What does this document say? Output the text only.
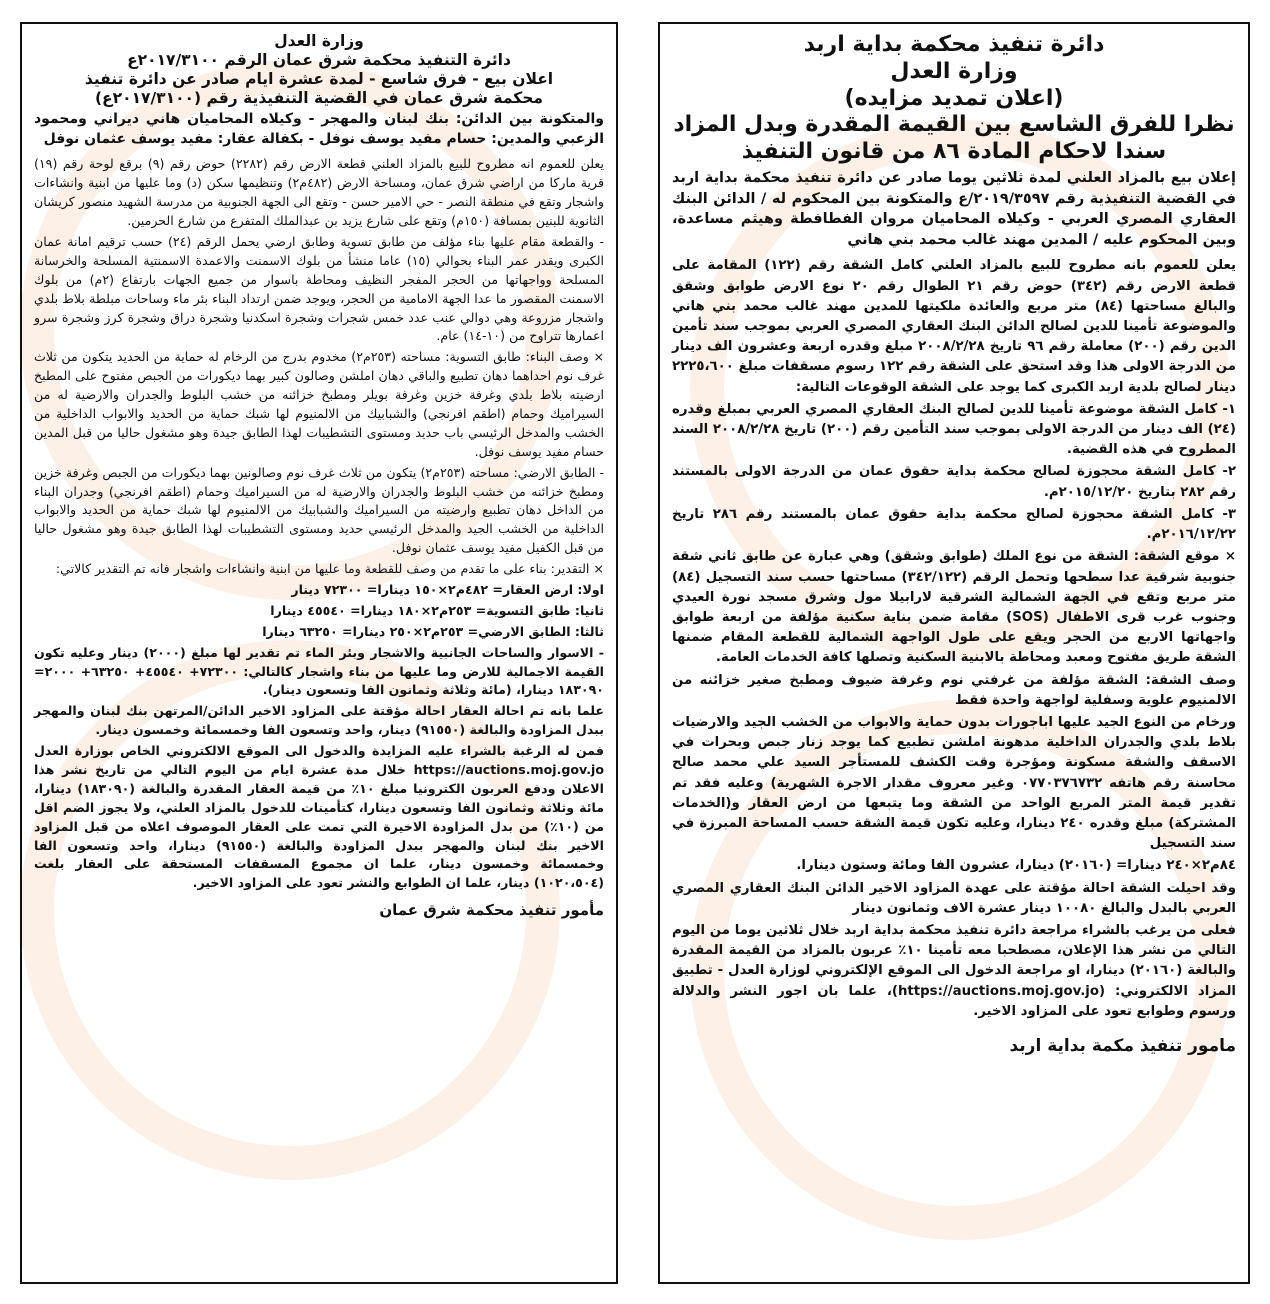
وزارة العدل
دائرة التنفيذ محكمة شرق عمان الرقم ٢٠١٧/٣١٠٠ع
اعلان بيع - فرق شاسع - لمدة عشرة ايام صادر عن دائرة تنفيذ
محكمة شرق عمان في القضية التنفيذية رقم (٢٠١٧/٣١٠٠ع)
والمتكونة بين الدائن: بنك لبنان والمهجر - وكيلاه المحاميان هاني ديراني ومحمود الزعبي والمدين: حسام مفيد يوسف نوفل - بكفالة عقار: مفيد يوسف عثمان نوفل

يعلن للعموم انه مطروح للبيع بالمزاد العلني قطعة الارض رقم (٢٢٨٢) حوض رقم (٩) برقع لوحة رقم (١٩) قرية ماركا من اراضي شرق عمان، ومساحة الارض (٤٨٢م٢) وتنظيمها سكن (د) وما عليها من ابنية وانشاءات واشجار وتقع في منطقة النصر - حي الامير حسن - وتقع الى الجهة الجنوبية من مدرسة الشهيد منصور كريشان الثانوية للبنين بمسافة (١٥٠م) وتقع على شارع يزيد بن عبدالملك المتفرع من شارع الحرمين.

- والقطعة مقام عليها بناء مؤلف من طابق تسوية وطابق ارضي يحمل الرقم (٢٤) حسب ترقيم امانة عمان الكبرى ويقدر عمر البناء بحوالي (١٥) عاما منشأ من بلوك الاسمنت والاعمدة الاسمنتية المسلحة والخرسانة المسلحة وواجهاتها من الحجر المفجر النظيف ومحاطة باسوار من جميع الجهات بارتفاع (٢م) من بلوك الاسمنت المقصور ما عدا الجهة الامامية من الحجر، ويوجد ضمن ارتداد البناء بئر ماء وساحات مبلطة بلاط بلدي واشجار مزروعة وهي دوالي عنب عدد خمس شجرات وشجرة اسكدنيا وشجرة دراق وشجرة كرز وشجرة سرو اعمارها تتراوح من (١٠-١٤) عام.

× وصف البناء: طابق التسوية: مساحته (٢٥٣م٢) مخدوم بدرج من الرخام له حماية من الحديد يتكون من ثلاث غرف نوم احداهما دهان تطبيع والباقي دهان املشن وصالون كبير بهما ديكورات من الجبص مفتوح على المطبخ ارضيته بلاط بلدي وغرفة خزين وغرفة بويلر ومطبخ خزائنه من خشب البلوط والجدران والارضية له من السيراميك وحمام (اطقم افرنجي) والشبابيك من الالمنيوم لها شبك حماية من الحديد والابواب الداخلية من الخشب والمدخل الرئيسي باب حديد ومستوى التشطيبات لهذا الطابق جيدة وهو مشغول حاليا من قبل المدين حسام مفيد يوسف نوفل.

- الطابق الارضي: مساحته (٢٥٣م٢) يتكون من ثلاث غرف نوم وصالونين بهما ديكورات من الجبص وغرفة خزين ومطبخ خزائنه من خشب البلوط والجدران والارضية له من السيراميك وحمام (اطقم افرنجي) وجدران البناء من الداخل دهان تطبيع وارضيته من السيراميك والشبابيك من الالمنيوم لها شبك حماية من الحديد والابواب الداخلية من الخشب الجيد والمدخل الرئيسي حديد ومستوى التشطيبات لهذا الطابق جيدة وهو مشغول حاليا من قبل الكفيل مفيد يوسف عثمان نوفل.

× التقدير: بناء على ما تقدم من وصف للقطعة وما عليها من ابنية وانشاءات واشجار فانه تم التقدير كالاتي:

اولا: ارض العقار= ٤٨٢م٢×١٥٠ دينارا= ٧٢٣٠٠ دينار

ثانيا: طابق التسوية= ٢٥٣م٢×١٨٠ دينارا= ٤٥٥٤٠ دينارا

ثالثا: الطابق الارضي= ٢٥٣م٢×٢٥٠ دينارا= ٦٣٢٥٠ دينارا

- الاسوار والساحات الجانبية والاشجار وبئر الماء تم تقدير لها مبلغ (٢٠٠٠) دينار وعليه تكون القيمة الاجمالية للارض وما عليها من بناء واشجار كالتالي: ٧٢٣٠٠+ ٤٥٥٤٠+ ٦٣٢٥٠+ ٢٠٠٠= ١٨٣٠٩٠ دينارا، (مائة وثلاثة وثمانون الفا وتسعون دينار).

علما بانه تم احالة العقار احالة مؤقتة على المزاود الاخير الدائن/المرتهن بنك لبنان والمهجر ببدل المزاودة والبالغة (٩١٥٥٠) دينار، واحد وتسعون الفا وخمسمائة وخمسون دينار.

فمن له الرغبة بالشراء عليه المزايدة والدخول الى الموقع الالكتروني الخاص بوزارة العدل https://auctions.moj.gov.jo خلال مدة عشرة ايام من اليوم التالي من تاريخ نشر هذا الاعلان ودفع العربون الكترونيا مبلغ ١٠٪ من قيمة العقار المقدرة والبالغة (١٨٣٠٩٠) دينارا، مائة وثلاثة وثمانون الفا وتسعون دينارا، كتأمينات للدخول بالمزاد العلني، ولا يجوز الضم اقل من (١٠٪) من بدل المزاودة الاخيرة التي تمت على العقار الموصوف اعلاه من قبل المزاود الاخير بنك لبنان والمهجر ببدل المزاودة والبالغة (٩١٥٥٠) دينارا، واحد وتسعون الفا وخمسمائة وخمسون دينار، علما ان مجموع المسقفات المستحقة على العقار بلغت (١٠٢٠،٥٠٤) دينار، علما ان الطوابع والنشر تعود على المزاود الاخير.

مأمور تنفيذ محكمة شرق عمان
دائرة تنفيذ محكمة بداية اربد
وزارة العدل
(اعلان تمديد مزايده)
نظرا للفرق الشاسع بين القيمة المقدرة وبدل المزاد
سندا لاحكام المادة ٨٦ من قانون التنفيذ
إعلان بيع بالمزاد العلني لمدة ثلاثين يوما صادر عن دائرة تنفيذ محكمة بداية اربد في القضية التنفيذية رقم ٢٠١٩/٣٥٩٧/ع والمتكونة بين المحكوم له / الدائن البنك العقاري المصري العربي - وكيلاه المحاميان مروان الفطافطة وهيثم مساعدة، وبين المحكوم عليه / المدين مهند غالب محمد بني هاني

يعلن للعموم بانه مطروح للبيع بالمزاد العلني كامل الشقة رقم (١٢٢) المقامة على قطعة الارض رقم (٣٤٢) حوض رقم ٢١ الطوال رقم ٢٠ نوع الارض طوابق وشقق والبالغ مساحتها (٨٤) متر مربع والعائدة ملكيتها للمدين مهند غالب محمد بني هاني والموضوعة تأمينا للدين لصالح الدائن البنك العقاري المصري العربي بموجب سند تأمين الدين رقم (٢٠٠) معاملة رقم ٩٦ تاريخ ٢٠٠٨/٢/٢٨ مبلغ وقدره اربعة وعشرون الف دينار من الدرجة الاولى هذا وقد استحق على الشقة رقم ١٢٢ رسوم مسقفات مبلغ ٢٢٢٥،٦٠٠ دينار لصالح بلدية اربد الكبرى كما يوجد على الشقة الوقوعات التالية:

١- كامل الشقة موضوعة تأمينا للدين لصالح البنك العقاري المصري العربي بمبلغ وقدره (٢٤) الف دينار من الدرجة الاولى بموجب سند التأمين رقم (٢٠٠) تاريخ ٢٠٠٨/٢/٢٨ السند المطروح في هذه القضية.

٢- كامل الشقة محجوزة لصالح محكمة بداية حقوق عمان من الدرجة الاولى بالمستند رقم ٢٨٢ بتاريخ ٢٠١٥/١٢/٢٠م.

٣- كامل الشقة محجوزة لصالح محكمة بداية حقوق عمان بالمستند رقم ٢٨٦ تاريخ ٢٠١٦/١٢/٢٢م.

× موقع الشقة: الشقة من نوع الملك (طوابق وشقق) وهي عبارة عن طابق ثاني شقة جنوبية شرقية عدا سطحها وتحمل الرقم (٣٤٢/١٢٢) مساحتها حسب سند التسجيل (٨٤) متر مربع وتقع في الجهة الشمالية الشرقية لارابيلا مول وشرق مسجد نورة العيدي وجنوب غرب قرى الاطفال (SOS) مقامة ضمن بناية سكنية مؤلفة من اربعة طوابق واجهاتها الاربع من الحجر ويقع على طول الواجهة الشمالية للقطعة المقام ضمنها الشقة طريق مفتوح ومعبد ومحاطة بالابنية السكنية وتصلها كافة الخدمات العامة.

وصف الشقة: الشقة مؤلفة من غرفتي نوم وغرفة ضيوف ومطبخ صغير خزائنه من الالمنيوم علوية وسفلية لواجهة واحدة فقط

ورخام من النوع الجيد عليها اباجورات بدون حماية والابواب من الخشب الجيد والارضيات بلاط بلدي والجدران الداخلية مدهونة املشن تطبيع كما يوجد زنار جبص وبحرات في الاسقف والشقة مسكونة ومؤجرة وقت الكشف للمستأجر السيد علي محمد صالح محاسنة رقم هاتفه ٠٧٧٠٣٧٦٧٣٢ وغير معروف مقدار الاجرة الشهرية) وعليه فقد تم تقدير قيمة المتر المربع الواحد من الشقة وما يتبعها من ارض العقار و(الخدمات المشتركة) مبلغ وقدره ٢٤٠ دينارا، وعليه تكون قيمة الشقة حسب المساحة المبرزة في سند التسجيل

٨٤م٢×٢٤٠ دينارا= (٢٠١٦٠) دينارا، عشرون الفا ومائة وستون دينارا.

وقد احيلت الشقة احالة مؤقتة على عهدة المزاود الاخير الدائن البنك العقاري المصري العربي بالبدل والبالغ ١٠٠٨٠ دينار عشرة الاف وثمانون دينار

فعلى من يرغب بالشراء مراجعة دائرة تنفيذ محكمة بداية اربد خلال ثلاثين يوما من اليوم التالي من نشر هذا الإعلان، مصطحبا معه تأمينا ١٠٪ عربون بالمزاد من القيمة المقدرة والبالغة (٢٠١٦٠) دينارا، او مراجعة الدخول الى الموقع الإلكتروني لوزارة العدل - تطبيق المزاد الالكتروني: (https://auctions.moj.gov.jo)، علما بان اجور النشر والدلالة ورسوم وطوابع تعود على المزاود الاخير.

مامور تنفيذ مكمة بداية اربد
